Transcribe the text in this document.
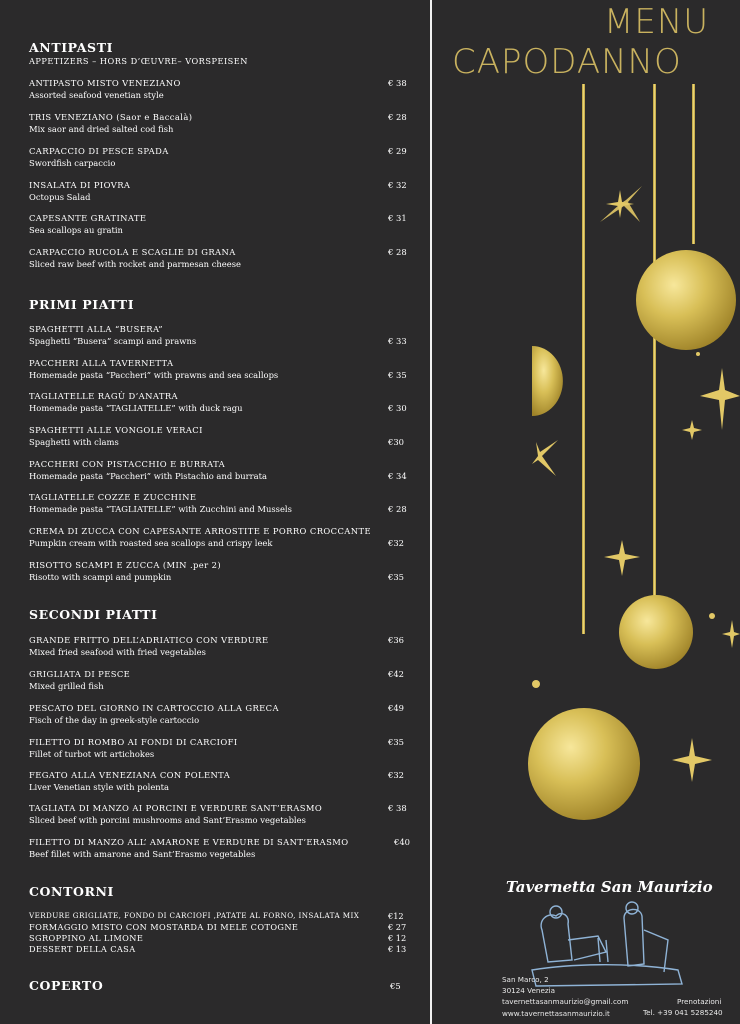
ANTIPASTI
APPETIZERS – HORS D’ŒUVRE– VORSPEISEN
ANTIPASTO MISTO VENEZIANO
Assorted seafood venetian style
€ 38
TRIS VENEZIANO (Saor e Baccalà)
Mix saor and dried salted cod fish
€ 28
CARPACCIO DI PESCE SPADA
Swordfish carpaccio
€ 29
INSALATA DI PIOVRA
Octopus Salad
€ 32
CAPESANTE GRATINATE
Sea scallops au gratin
€ 31
CARPACCIO RUCOLA E SCAGLIE DI GRANA
Sliced raw beef with rocket and parmesan cheese
€ 28
PRIMI PIATTI
SPAGHETTI ALLA “BUSERA”
Spaghetti “Busera” scampi and prawns	€ 33
PACCHERI ALLA TAVERNETTA
Homemade pasta “Paccheri” with prawns and sea scallops	€ 35
TAGLIATELLE RAGÙ D’ANATRA
Homemade pasta “TAGLIATELLE” with duck ragu	€ 30
SPAGHETTI ALLE VONGOLE VERACI
Spaghetti with clams	€30
PACCHERI CON PISTACCHIO E BURRATA
Homemade pasta “Paccheri” with Pistachio and burrata	€ 34
TAGLIATELLE COZZE E ZUCCHINE
Homemade pasta “TAGLIATELLE” with Zucchini and Mussels	€ 28
CREMA DI ZUCCA CON CAPESANTE ARROSTITE E PORRO CROCCANTE
Pumpkin cream with roasted sea scallops and crispy leek	€32
RISOTTO SCAMPI E ZUCCA (MIN .per 2)
Risotto with scampi and pumpkin	€35
SECONDI PIATTI
GRANDE FRITTO DELL’ADRIATICO CON VERDURE
Mixed fried seafood with fried vegetables
€36
GRIGLIATA DI PESCE
Mixed grilled fish
€42
PESCATO DEL GIORNO IN CARTOCCIO ALLA GRECA
Fisch of the day in greek-style cartoccio
€49
FILETTO DI ROMBO AI FONDI DI CARCIOFI
Fillet of turbot wit artichokes
€35
FEGATO ALLA VENEZIANA CON POLENTA
Liver Venetian style with polenta
€32
TAGLIATA DI MANZO AI PORCINI E VERDURE SANT’ERASMO
Sliced beef with porcini mushrooms and Sant’Erasmo vegetables
€ 38
FILETTO DI MANZO ALL’ AMARONE E VERDURE DI SANT’ERASMO
Beef fillet with amarone and Sant’Erasmo vegetables
€40
CONTORNI
VERDURE GRIGLIATE, FONDO DI CARCIOFI ,PATATE AL FORNO, INSALATA MIX	€12
FORMAGGIO MISTO CON MOSTARDA DI MELE COTOGNE	€ 27
SGROPPINO AL LIMONE	€ 12
DESSERT DELLA CASA	€ 13
COPERTO	€5
MENU
CAPODANNO
Tavernetta San Maurizio
San Marco, 2
30124 Venezia
tavernettasanmaurizio@gmail.com
www.tavernettasanmaurizio.it
Prenotazioni
Tel. +39 041 5285240
